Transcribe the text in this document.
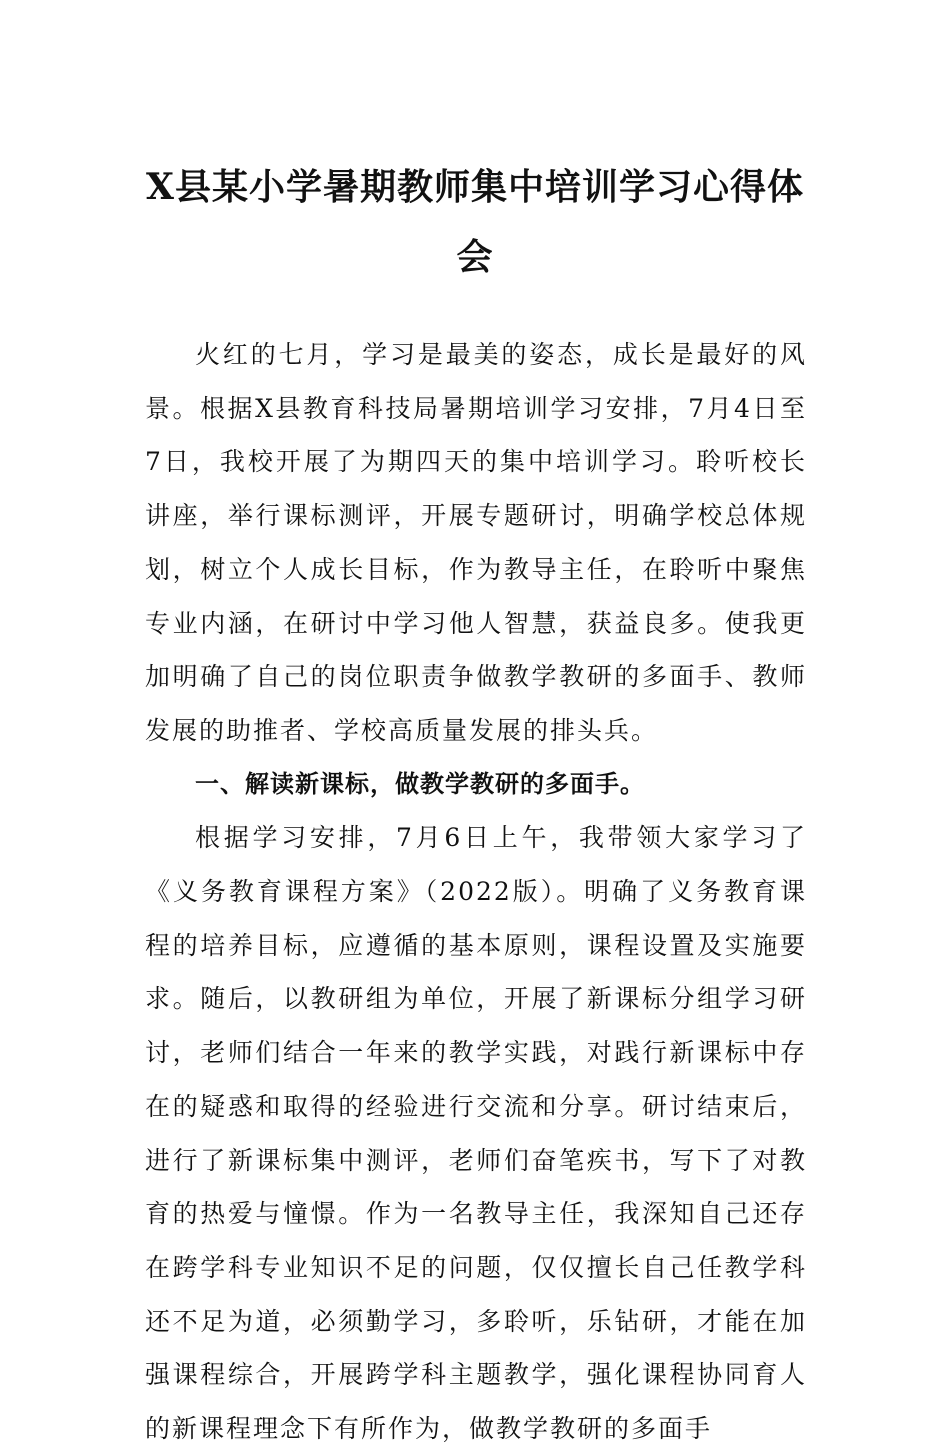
X县某小学暑期教师集中培训学习心得体
会

火红的七月，学习是最美的姿态，成长是最好的风景。根据X县教育科技局暑期培训学习安排，7月4日至7日，我校开展了为期四天的集中培训学习。聆听校长讲座，举行课标测评，开展专题研讨，明确学校总体规划，树立个人成长目标，作为教导主任，在聆听中聚焦专业内涵，在研讨中学习他人智慧，获益良多。使我更加明确了自己的岗位职责争做教学教研的多面手、教师发展的助推者、学校高质量发展的排头兵。

一、解读新课标，做教学教研的多面手。

根据学习安排，7月6日上午，我带领大家学习了《义务教育课程方案》（2022版）。明确了义务教育课程的培养目标，应遵循的基本原则，课程设置及实施要求。随后，以教研组为单位，开展了新课标分组学习研讨，老师们结合一年来的教学实践，对践行新课标中存在的疑惑和取得的经验进行交流和分享。研讨结束后，进行了新课标集中测评，老师们奋笔疾书，写下了对教育的热爱与憧憬。作为一名教导主任，我深知自己还存在跨学科专业知识不足的问题，仅仅擅长自己任教学科还不足为道，必须勤学习，多聆听，乐钻研，才能在加强课程综合，开展跨学科主题教学，强化课程协同育人的新课程理念下有所作为，做教学教研的多面手
